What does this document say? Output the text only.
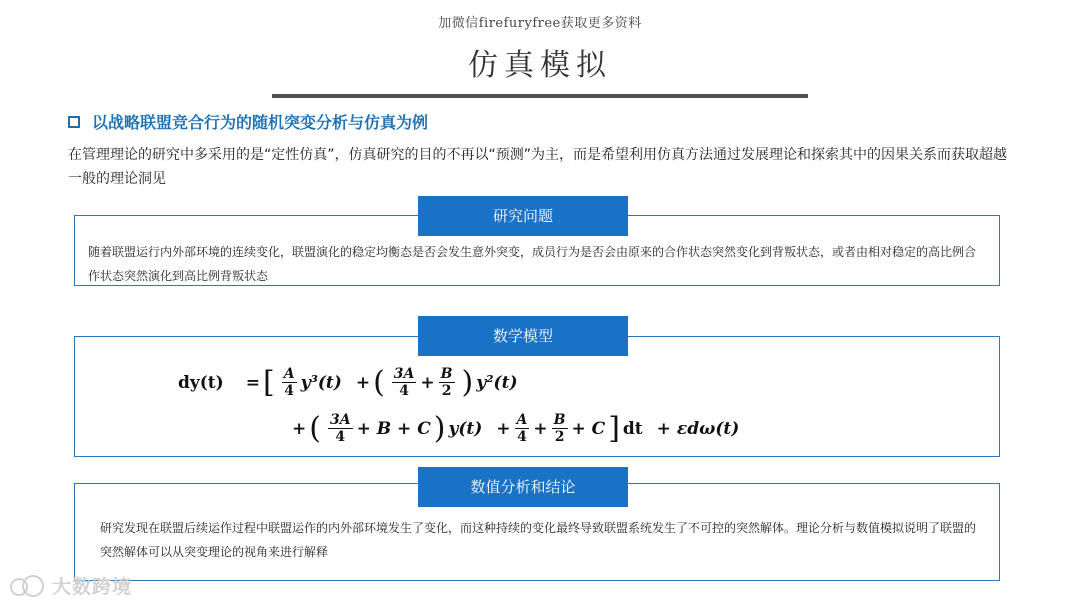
加微信firefuryfree获取更多资料
仿真模拟
以战略联盟竞合行为的随机突变分析与仿真为例
在管理理论的研究中多采用的是“定性仿真”，仿真研究的目的不再以“预测”为主，而是希望利用仿真方法通过发展理论和探索其中的因果关系而获取超越一般的理论洞见
研究问题
随着联盟运行内外部环境的连续变化，联盟演化的稳定均衡态是否会发生意外突变，成员行为是否会由原来的合作状态突然变化到背叛状态，或者由相对稳定的高比例合作状态突然演化到高比例背叛状态
数学模型
dy(t) = [ $\frac{A}{4} y^3(t)$ + ( $\frac{3A}{4} + \frac{B}{2}$ ) y²(t)
+ ( $\frac{3A}{4} + B + C$ ) $y(t) + \frac{A}{4} + \frac{B}{2} + C$ ] dt + εdω(t)
数值分析和结论
研究发现在联盟后续运作过程中联盟运作的内外部环境发生了变化，而这种持续的变化最终导致联盟系统发生了不可控的突然解体。理论分析与数值模拟说明了联盟的突然解体可以从突变理论的视角来进行解释
大数跨境
